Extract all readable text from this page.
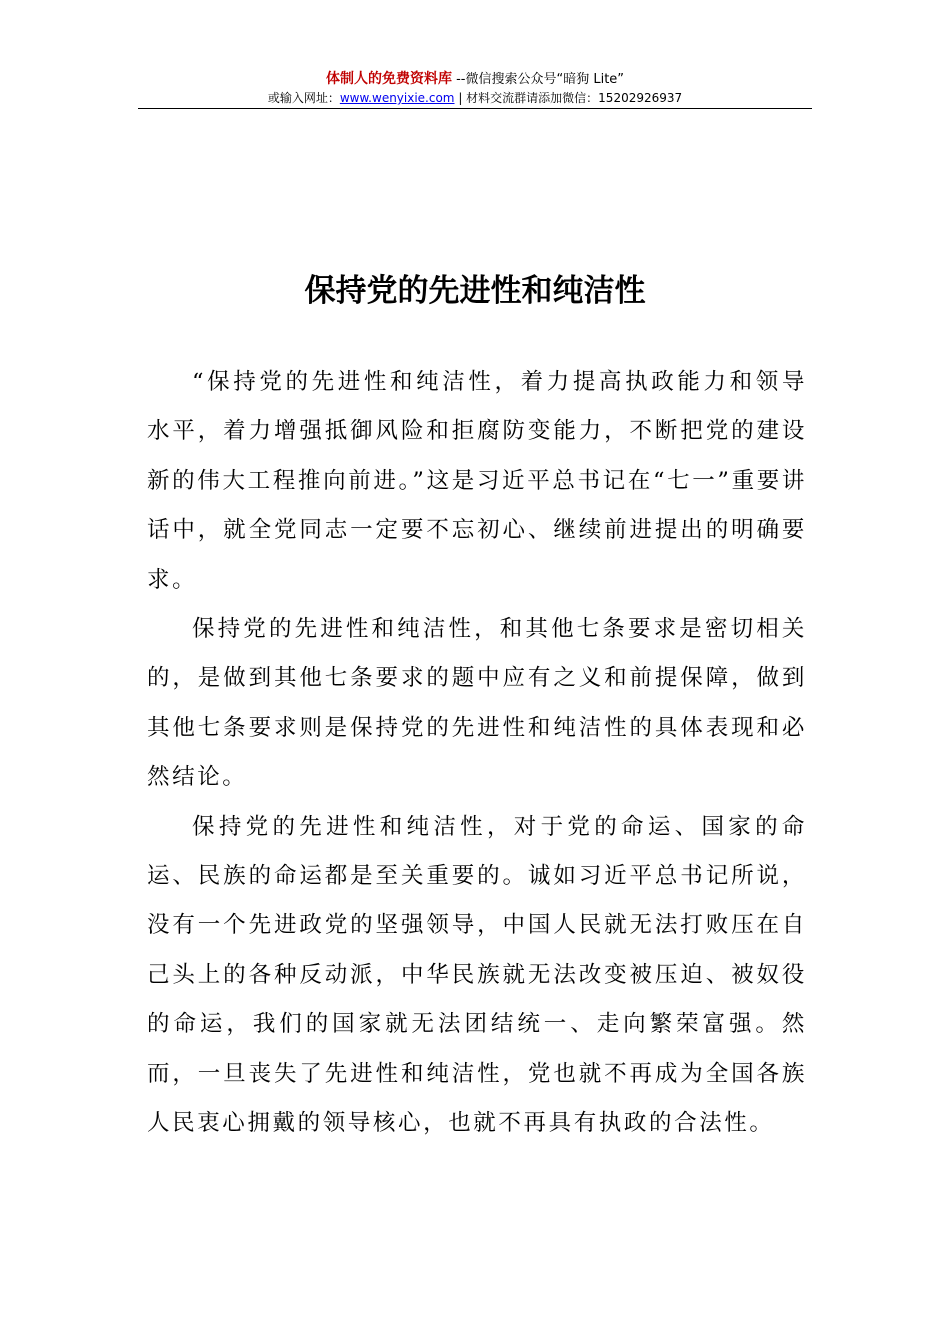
体制人的免费资料库 --微信搜索公众号“暗狗 Lite”
或输入网址：www.wenyixie.com | 材料交流群请添加微信：15202926937
保持党的先进性和纯洁性

“保持党的先进性和纯洁性，着力提高执政能力和领导水平，着力增强抵御风险和拒腐防变能力，不断把党的建设新的伟大工程推向前进。”这是习近平总书记在“七一”重要讲话中，就全党同志一定要不忘初心、继续前进提出的明确要求。

保持党的先进性和纯洁性，和其他七条要求是密切相关的，是做到其他七条要求的题中应有之义和前提保障，做到其他七条要求则是保持党的先进性和纯洁性的具体表现和必然结论。

保持党的先进性和纯洁性，对于党的命运、国家的命运、民族的命运都是至关重要的。诚如习近平总书记所说，没有一个先进政党的坚强领导，中国人民就无法打败压在自己头上的各种反动派，中华民族就无法改变被压迫、被奴役的命运，我们的国家就无法团结统一、走向繁荣富强。然而，一旦丧失了先进性和纯洁性，党也就不再成为全国各族人民衷心拥戴的领导核心，也就不再具有执政的合法性。
